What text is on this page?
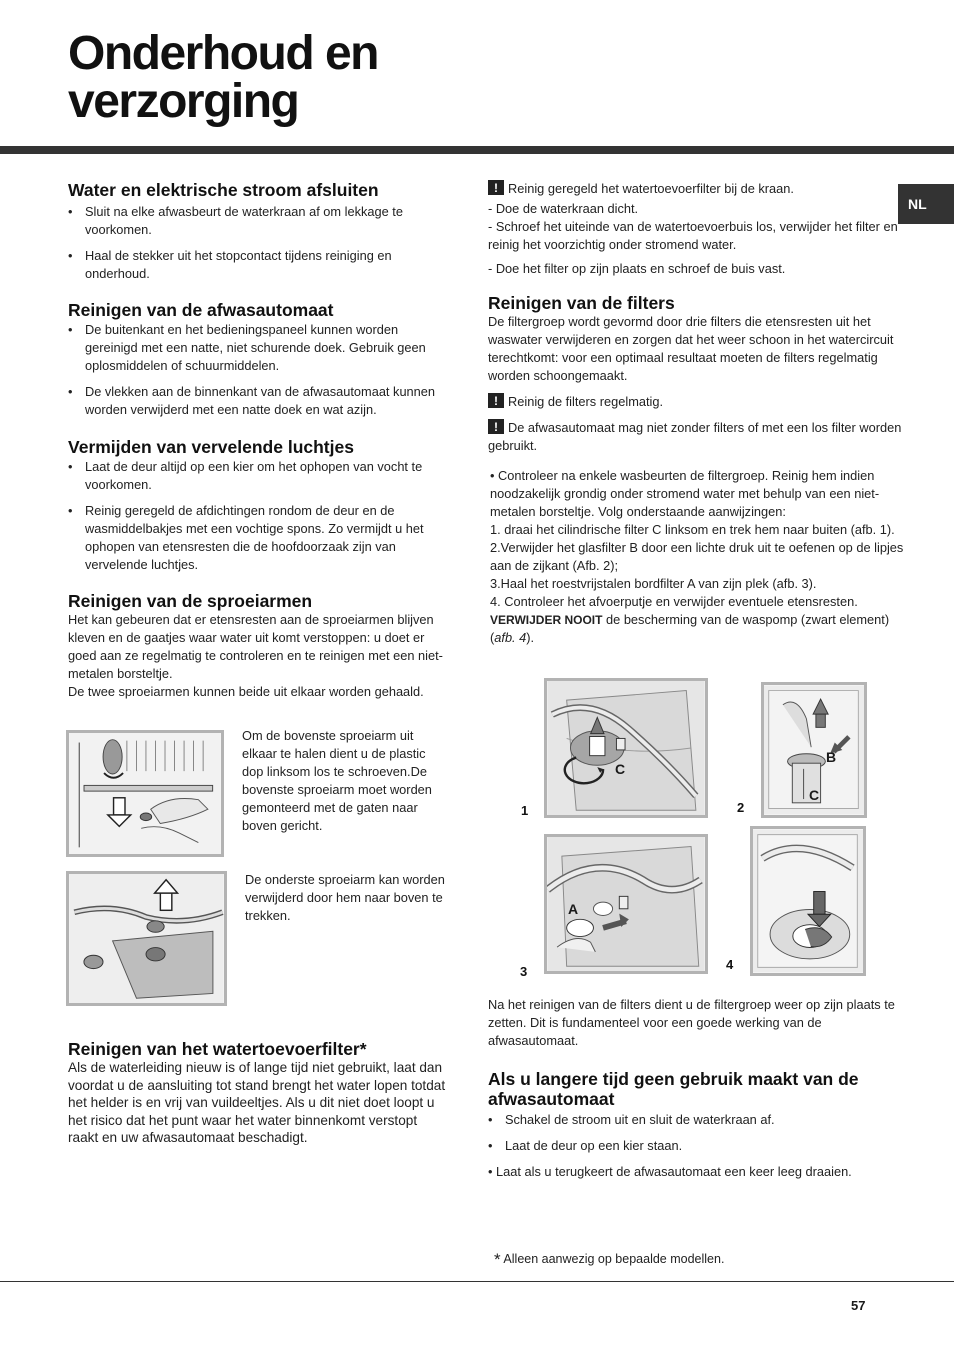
Onderhoud en verzorging
NL
Water en elektrische stroom afsluiten
• Sluit na elke afwasbeurt de waterkraan af om lekkage te voorkomen.
• Haal de stekker uit het stopcontact tijdens reiniging en onderhoud.
Reinigen van de afwasautomaat
• De buitenkant en het bedieningspaneel kunnen worden gereinigd met een natte, niet schurende doek. Gebruik geen oplosmiddelen of schuurmiddelen.
• De vlekken aan de binnenkant van de afwasautomaat kunnen worden verwijderd met een natte doek en wat azijn.
Vermijden van vervelende luchtjes
• Laat de deur altijd op een kier om het ophopen van vocht te voorkomen.
• Reinig geregeld de afdichtingen rondom de deur en de wasmiddelbakjes met een vochtige spons. Zo vermijdt u het ophopen van etensresten die de hoofdoorzaak zijn van vervelende luchtjes.
Reinigen van de sproeiarmen

Het kan gebeuren dat er etensresten aan de sproeiarmen blijven kleven en de gaatjes waar water uit komt verstoppen: u doet er goed aan ze regelmatig te controleren en te reinigen met een niet-metalen borsteltje.

De twee sproeiarmen kunnen beide uit elkaar worden gehaald.

Om de bovenste sproeiarm uit elkaar te halen dient u de plastic dop linksom los te schroeven.De bovenste sproeiarm moet worden gemonteerd met de gaten naar boven gericht.
De onderste sproeiarm kan worden verwijderd door hem naar boven te trekken.
Reinigen van het watertoevoerfilter*
Als de waterleiding nieuw is of lange tijd niet gebruikt, laat dan voordat u de aansluiting tot stand brengt het water lopen totdat het helder is en vrij van vuildeeltjes. Als u dit niet doet loopt u het risico dat het punt waar het water binnenkomt verstopt raakt en uw afwasautomaat beschadigt.
!Reinig geregeld het watertoevoerfilter bij de kraan.
- Doe de waterkraan dicht.
- Schroef het uiteinde van de watertoevoerbuis los, verwijder het filter en reinig het voorzichtig onder stromend water.
- Doe het filter op zijn plaats en schroef de buis vast.
Reinigen van de filters
De filtergroep wordt gevormd door drie filters die etensresten uit het waswater verwijderen en zorgen dat het weer schoon in het watercircuit terechtkomt: voor een optimaal resultaat moeten de filters regelmatig worden schoongemaakt.
!Reinig de filters regelmatig.
!De afwasautomaat mag niet zonder filters of met een los filter worden gebruikt.
• Controleer na enkele wasbeurten de filtergroep. Reinig hem indien noodzakelijk grondig onder stromend water met behulp van een niet-metalen borsteltje. Volg onderstaande aanwijzingen:
1. draai het cilindrische filter C linksom en trek hem naar buiten (afb. 1).
2.Verwijder het glasfilter B door een lichte druk uit te oefenen op de lipjes aan de zijkant (Afb. 2);
3.Haal het roestvrijstalen bordfilter A van zijn plek (afb. 3).
4. Controleer het afvoerputje en verwijder eventuele etensresten.
VERWIJDER NOOIT de bescherming van de waspomp (zwart element) (afb. 4).
C
B
C
A
1	2
3	4
Na het reinigen van de filters dient u de filtergroep weer op zijn plaats te zetten. Dit is fundamenteel voor een goede werking van de afwasautomaat.
Als u langere tijd geen gebruik maakt van de afwasautomaat
• Schakel de stroom uit en sluit de waterkraan af.
• Laat de deur op een kier staan.
• Laat als u terugkeert de afwasautomaat een keer leeg draaien.
* Alleen aanwezig op bepaalde modellen.
57
